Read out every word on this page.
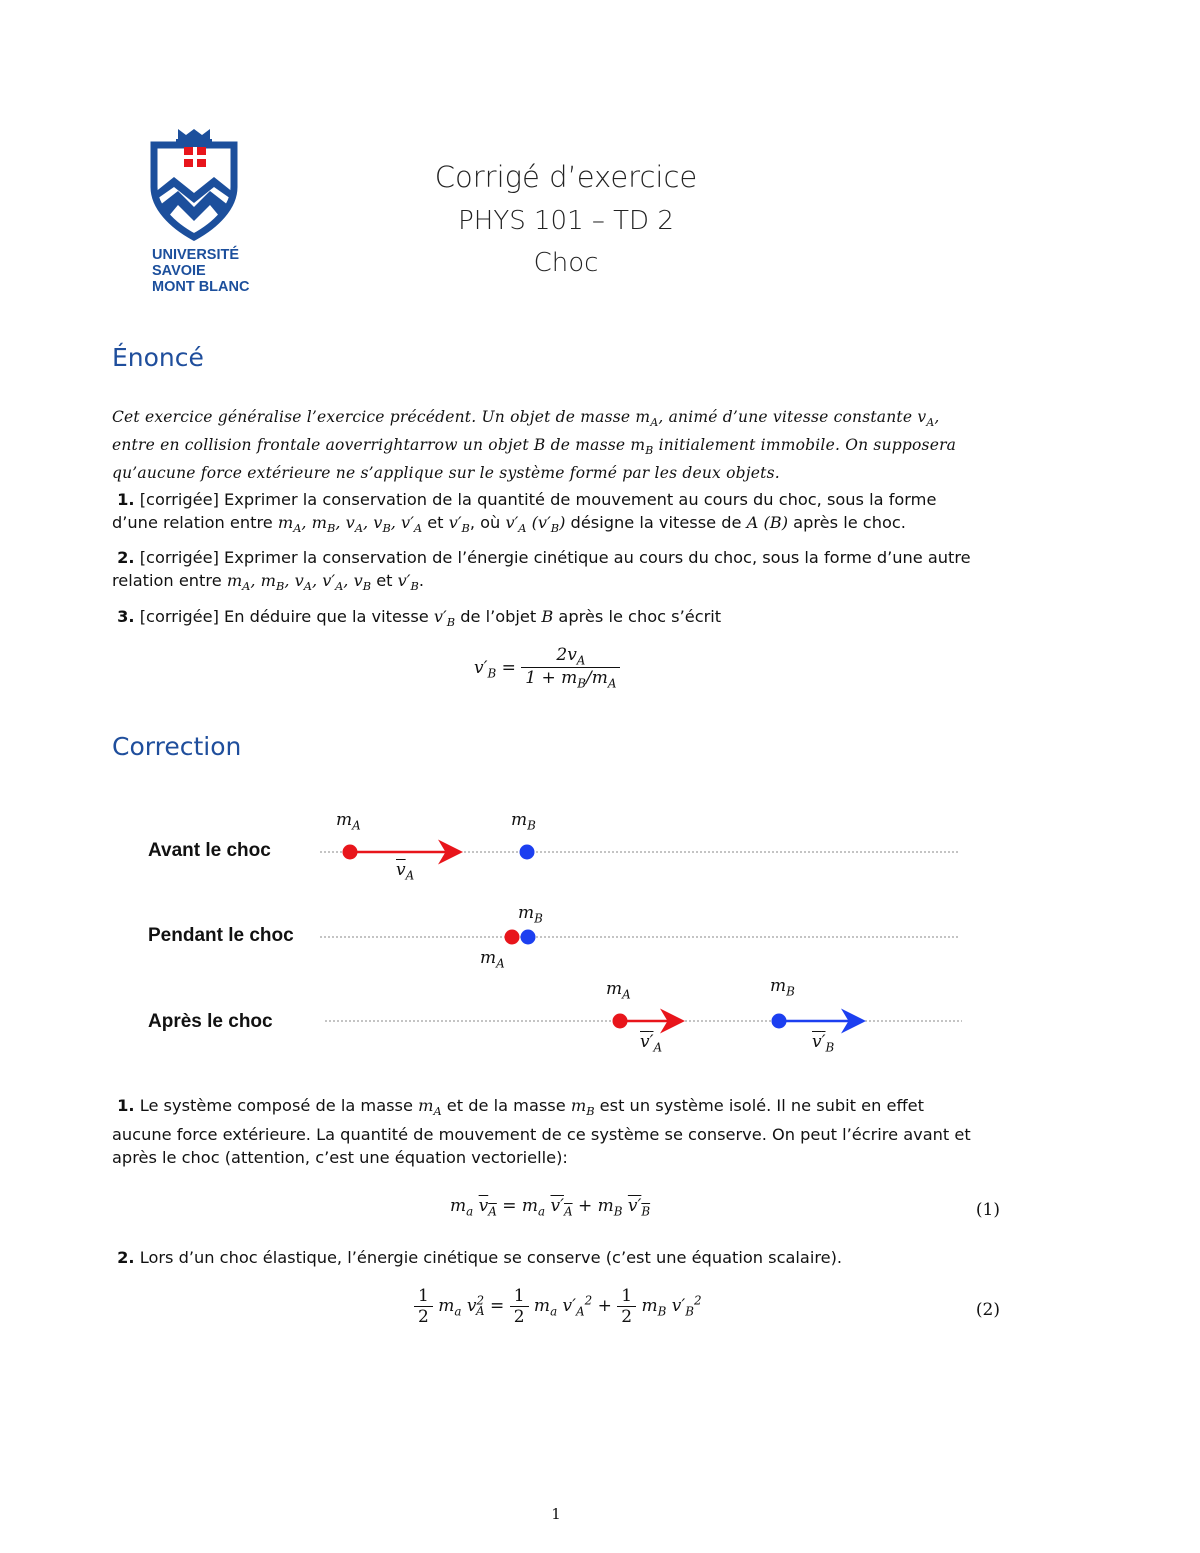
UNIVERSITÉ
SAVOIE
MONT BLANC
Corrigé d’exercice
PHYS 101 – TD 2
Choc
Énoncé
Cet exercice généralise l’exercice précédent. Un objet de masse $m_A$, animé d’une vitesse constante $v_A$,
entre en collision frontale aoverrightarrow un objet B de masse $m_B$ initialement immobile. On supposera
qu’aucune force extérieure ne s’applique sur le système formé par les deux objets.
1. [corrigée] Exprimer la conservation de la quantité de mouvement au cours du choc, sous la forme
d’une relation entre $m_A$, $m_B$, $v_A$, $v_B$, $v'_A$ et $v'_B$, où $v'_A$ $(v'_B)$ désigne la vitesse de A (B) après le choc.
2. [corrigée] Exprimer la conservation de l’énergie cinétique au cours du choc, sous la forme d’une autre
relation entre $m_A$, $m_B$, $v_A$, $v'_A$, $v_B$ et $v'_B$.
3. [corrigée] En déduire que la vitesse $v'_B$ de l’objet B après le choc s’écrit
$v'_B = \frac{2v_A}{1 + m_B/m_A}$
Correction
Avant le choc
Pendant le choc
Après le choc
$m_A$	$m_B$
$\overline{v}_A$
$m_B$
$m_A$
$m_A$	$m_B$
$v'_A$	$v'_B$
1. Le système composé de la masse $m_A$ et de la masse $m_B$ est un système isolé. Il ne subit en effet
aucune force extérieure. La quantité de mouvement de ce système se conserve. On peut l’écrire avant et
après le choc (attention, c’est une équation vectorielle):
$m_a$ $v_A = m_a$ $v'_A + m_B$ $v'_B$	(1)
2. Lors d’un choc élastique, l’énergie cinétique se conserve (c’est une équation scalaire).
$\frac{1}{2} m_a$ $v^2_A = \frac{1}{2} m_a$ $v'_A^2 + \frac{1}{2} m_B$ $v'_B^2$	(2)
1
